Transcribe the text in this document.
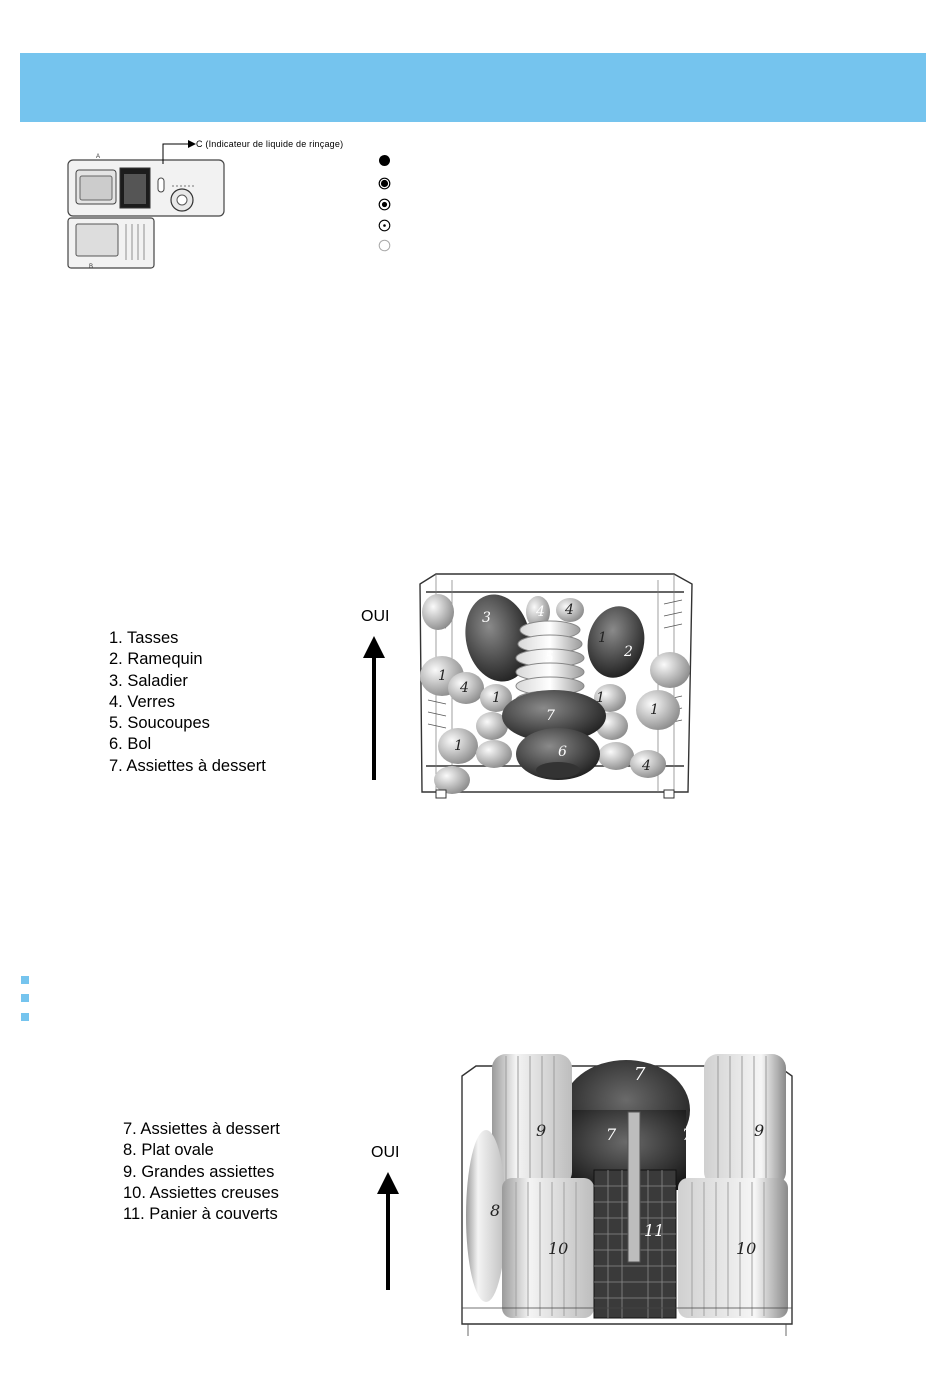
B
A
C (Indicateur de liquide de rinçage)
1. Tasses
2. Ramequin
3. Saladier
4. Verres
5. Soucoupes
6. Bol
7. Assiettes à dessert
OUI	3	4 4
1
2
5
1
4
1	1
7	1
6
1
4
7. Assiettes à dessert
8. Plat ovale
9. Grandes assiettes
10. Assiettes creuses
11. Panier à couverts
OUI
7
9	7	7	9
8
11
10	10
